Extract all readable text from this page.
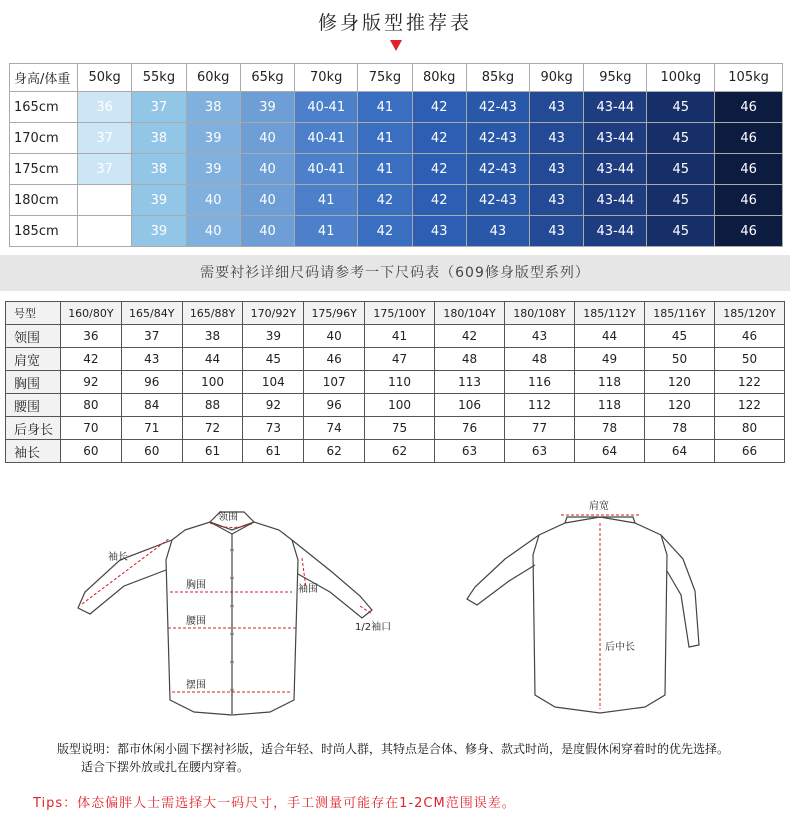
修身版型推荐表
身高/体重	50kg	55kg	60kg	65kg	70kg	75kg	80kg	85kg	90kg	95kg	100kg	105kg
165cm	36	37	38	39	40-41	41	42	42-43	43	43-44	45	46
170cm	37	38	39	40	40-41	41	42	42-43	43	43-44	45	46
175cm	37	38	39	40	40-41	41	42	42-43	43	43-44	45	46
180cm		39	40	40	41	42	42	42-43	43	43-44	45	46
185cm		39	40	40	41	42	43	43	43	43-44	45	46
需要衬衫详细尺码请参考一下尺码表（609修身版型系列）
号型	160/80Y	165/84Y	165/88Y	170/92Y	175/96Y	175/100Y	180/104Y	180/108Y	185/112Y	185/116Y	185/120Y
领围	36	37	38	39	40	41	42	43	44	45	46
肩宽	42	43	44	45	46	47	48	48	49	50	50
胸围	92	96	100	104	107	110	113	116	118	120	122
腰围	80	84	88	92	96	100	106	112	118	120	122
后身长	70	71	72	73	74	75	76	77	78	78	80
袖长	60	60	61	61	62	62	63	63	64	64	66
领围
袖长
胸围	袖围
腰围
1/2袖口
摆围
肩宽
后中长
版型说明：都市休闲小圆下摆衬衫版，适合年轻、时尚人群，其特点是合体、修身、款式时尚，是度假休闲穿着时的优先选择。
适合下摆外放或扎在腰内穿着。
Tips：体态偏胖人士需选择大一码尺寸，手工测量可能存在1-2CM范围误差。
